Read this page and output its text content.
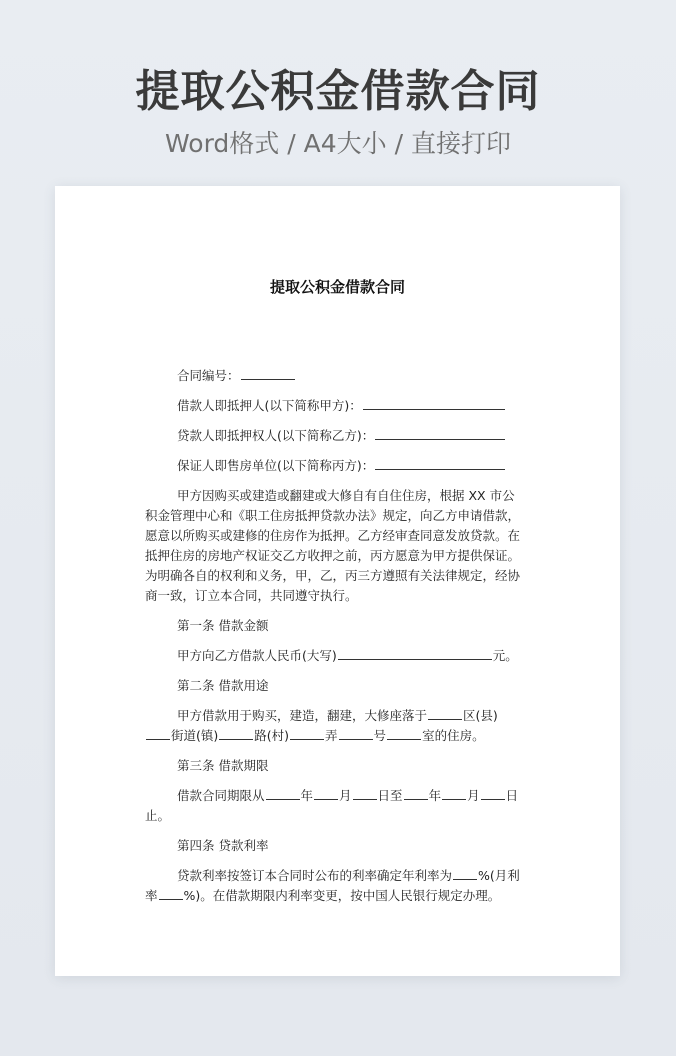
提取公积金借款合同
Word格式 / A4大小 / 直接打印
提取公积金借款合同

合同编号：

借款人即抵押人(以下简称甲方)：

贷款人即抵押权人(以下简称乙方)：

保证人即售房单位(以下简称丙方)：

甲方因购买或建造或翻建或大修自有自住住房，根据 XX 市公积金管理中心和《职工住房抵押贷款办法》规定，向乙方申请借款，愿意以所购买或建修的住房作为抵押。乙方经审查同意发放贷款。在抵押住房的房地产权证交乙方收押之前，丙方愿意为甲方提供保证。为明确各自的权利和义务，甲，乙，丙三方遵照有关法律规定，经协商一致，订立本合同，共同遵守执行。

第一条 借款金额

甲方向乙方借款人民币(大写)	元。

第二条 借款用途

甲方借款用于购买，建造，翻建，大修座落于	区(县)街道(镇)	路(村)	弄	号	室的住房。

第三条 借款期限

借款合同期限从	年 月 日至 年 月 日止。

第四条 贷款利率

贷款利率按签订本合同时公布的利率确定年利率为 %(月利率 %)。在借款期限内利率变更，按中国人民银行规定办理。
